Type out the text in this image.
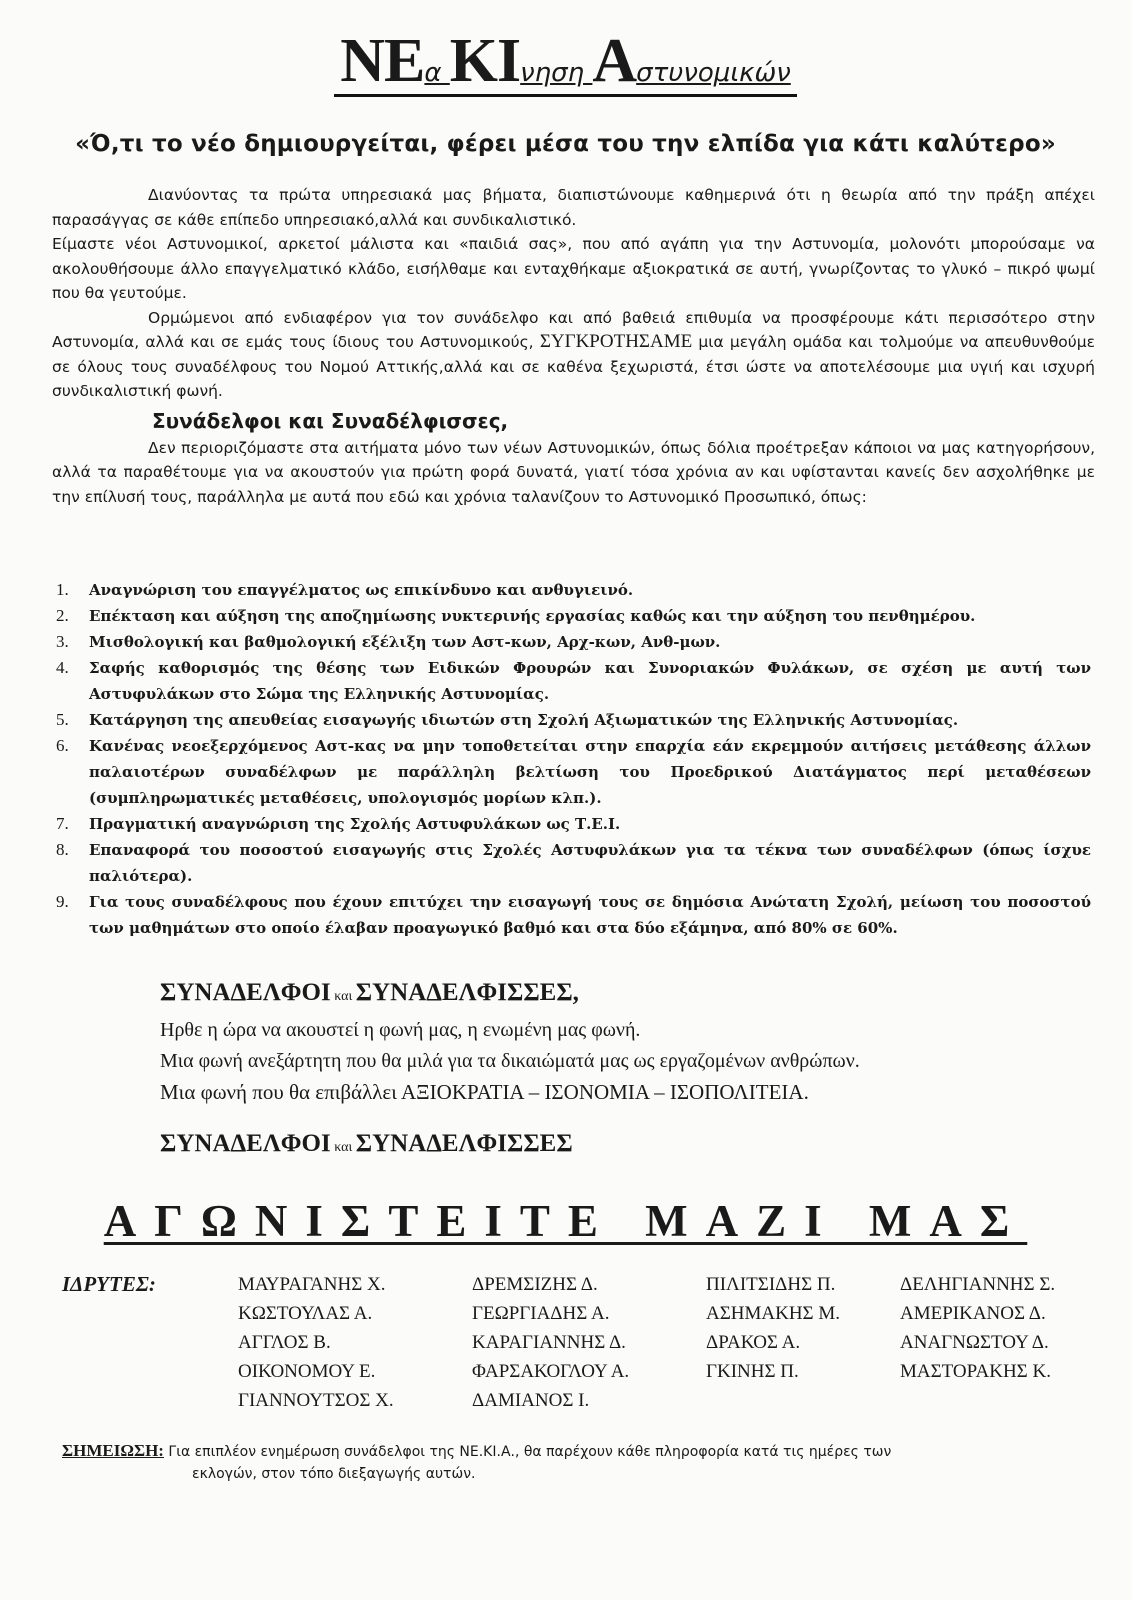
ΝΕα ΚΙνηση Αστυνομικών
«Ό,τι το νέο δημιουργείται, φέρει μέσα του την ελπίδα για κάτι καλύτερο»

Διανύοντας τα πρώτα υπηρεσιακά μας βήματα, διαπιστώνουμε καθημερινά ότι η θεωρία από την πράξη απέχει παρασάγγας σε κάθε επίπεδο υπηρεσιακό,αλλά και συνδικαλιστικό.

Είμαστε νέοι Αστυνομικοί, αρκετοί μάλιστα και «παιδιά σας», που από αγάπη για την Αστυνομία, μολονότι μπορούσαμε να ακολουθήσουμε άλλο επαγγελματικό κλάδο, εισήλθαμε και ενταχθήκαμε αξιοκρατικά σε αυτή, γνωρίζοντας το γλυκό – πικρό ψωμί που θα γευτούμε.

Ορμώμενοι από ενδιαφέρον για τον συνάδελφο και από βαθειά επιθυμία να προσφέρουμε κάτι περισσότερο στην Αστυνομία, αλλά και σε εμάς τους ίδιους του Αστυνομικούς, ΣΥΓΚΡΟΤΗΣΑΜΕ μια μεγάλη ομάδα και τολμούμε να απευθυνθούμε σε όλους τους συναδέλφους του Νομού Αττικής,αλλά και σε καθένα ξεχωριστά, έτσι ώστε να αποτελέσουμε μια υγιή και ισχυρή συνδικαλιστική φωνή.

Συνάδελφοι και Συναδέλφισσες,

Δεν περιοριζόμαστε στα αιτήματα μόνο των νέων Αστυνομικών, όπως δόλια προέτρεξαν κάποιοι να μας κατηγορήσουν, αλλά τα παραθέτουμε για να ακουστούν για πρώτη φορά δυνατά, γιατί τόσα χρόνια αν και υφίστανται κανείς δεν ασχολήθηκε με την επίλυσή τους, παράλληλα με αυτά που εδώ και χρόνια ταλανίζουν το Αστυνομικό Προσωπικό, όπως:

1. Αναγνώριση του επαγγέλματος ως επικίνδυνο και ανθυγιεινό.
2. Επέκταση και αύξηση της αποζημίωσης νυκτερινής εργασίας καθώς και την αύξηση του πενθημέρου.
3. Μισθολογική και βαθμολογική εξέλιξη των Αστ-κων, Αρχ-κων, Ανθ-μων.
4. Σαφής καθορισμός της θέσης των Ειδικών Φρουρών και Συνοριακών Φυλάκων, σε σχέση με αυτή των Αστυφυλάκων στο Σώμα της Ελληνικής Αστυνομίας.
5. Κατάργηση της απευθείας εισαγωγής ιδιωτών στη Σχολή Αξιωματικών της Ελληνικής Αστυνομίας.
6. Κανένας νεοεξερχόμενος Αστ-κας να μην τοποθετείται στην επαρχία εάν εκρεμμούν αιτήσεις μετάθεσης άλλων παλαιοτέρων συναδέλφων με παράλληλη βελτίωση του Προεδρικού Διατάγματος περί μεταθέσεων (συμπληρωματικές μεταθέσεις, υπολογισμός μορίων κλπ.).
7. Πραγματική αναγνώριση της Σχολής Αστυφυλάκων ως Τ.Ε.Ι.
8. Επαναφορά του ποσοστού εισαγωγής στις Σχολές Αστυφυλάκων για τα τέκνα των συναδέλφων (όπως ίσχυε παλιότερα).
9. Για τους συναδέλφους που έχουν επιτύχει την εισαγωγή τους σε δημόσια Ανώτατη Σχολή, μείωση του ποσοστού των μαθημάτων στο οποίο έλαβαν προαγωγικό βαθμό και στα δύο εξάμηνα, από 80% σε 60%.
ΣΥΝΑΔΕΛΦΟΙ και ΣΥΝΑΔΕΛΦΙΣΣΕΣ,

Ηρθε η ώρα να ακουστεί η φωνή μας, η ενωμένη μας φωνή.

Μια φωνή ανεξάρτητη που θα μιλά για τα δικαιώματά μας ως εργαζομένων ανθρώπων.

Μια φωνή που θα επιβάλλει ΑΞΙΟΚΡΑΤΙΑ – ΙΣΟΝΟΜΙΑ – ΙΣΟΠΟΛΙΤΕΙΑ.

ΣΥΝΑΔΕΛΦΟΙ και ΣΥΝΑΔΕΛΦΙΣΣΕΣ
ΑΓΩΝΙΣΤΕΙΤΕ ΜΑΖΙ ΜΑΣ
ΙΔΡΥΤΕΣ:	ΜΑΥΡΑΓΑΝΗΣ Χ.
ΚΩΣΤΟΥΛΑΣ Α.
ΑΓΓΛΟΣ Β.
ΟΙΚΟΝΟΜΟΥ Ε.
ΓΙΑΝΝΟΥΤΣΟΣ Χ.
ΔΡΕΜΣΙΖΗΣ Δ.
ΓΕΩΡΓΙΑΔΗΣ Α.
ΚΑΡΑΓΙΑΝΝΗΣ Δ.
ΦΑΡΣΑΚΟΓΛΟΥ Α.
ΔΑΜΙΑΝΟΣ Ι.
ΠΙΛΙΤΣΙΔΗΣ Π.
ΑΣΗΜΑΚΗΣ Μ.
ΔΡΑΚΟΣ Α.
ΓΚΙΝΗΣ Π.
ΔΕΛΗΓΙΑΝΝΗΣ Σ.
ΑΜΕΡΙΚΑΝΟΣ Δ.
ΑΝΑΓΝΩΣΤΟΥ Δ.
ΜΑΣΤΟΡΑΚΗΣ Κ.
ΣΗΜΕΙΩΣΗ: Για επιπλέον ενημέρωση συνάδελφοι της ΝΕ.ΚΙ.Α., θα παρέχουν κάθε πληροφορία κατά τις ημέρες των
εκλογών, στον τόπο διεξαγωγής αυτών.
